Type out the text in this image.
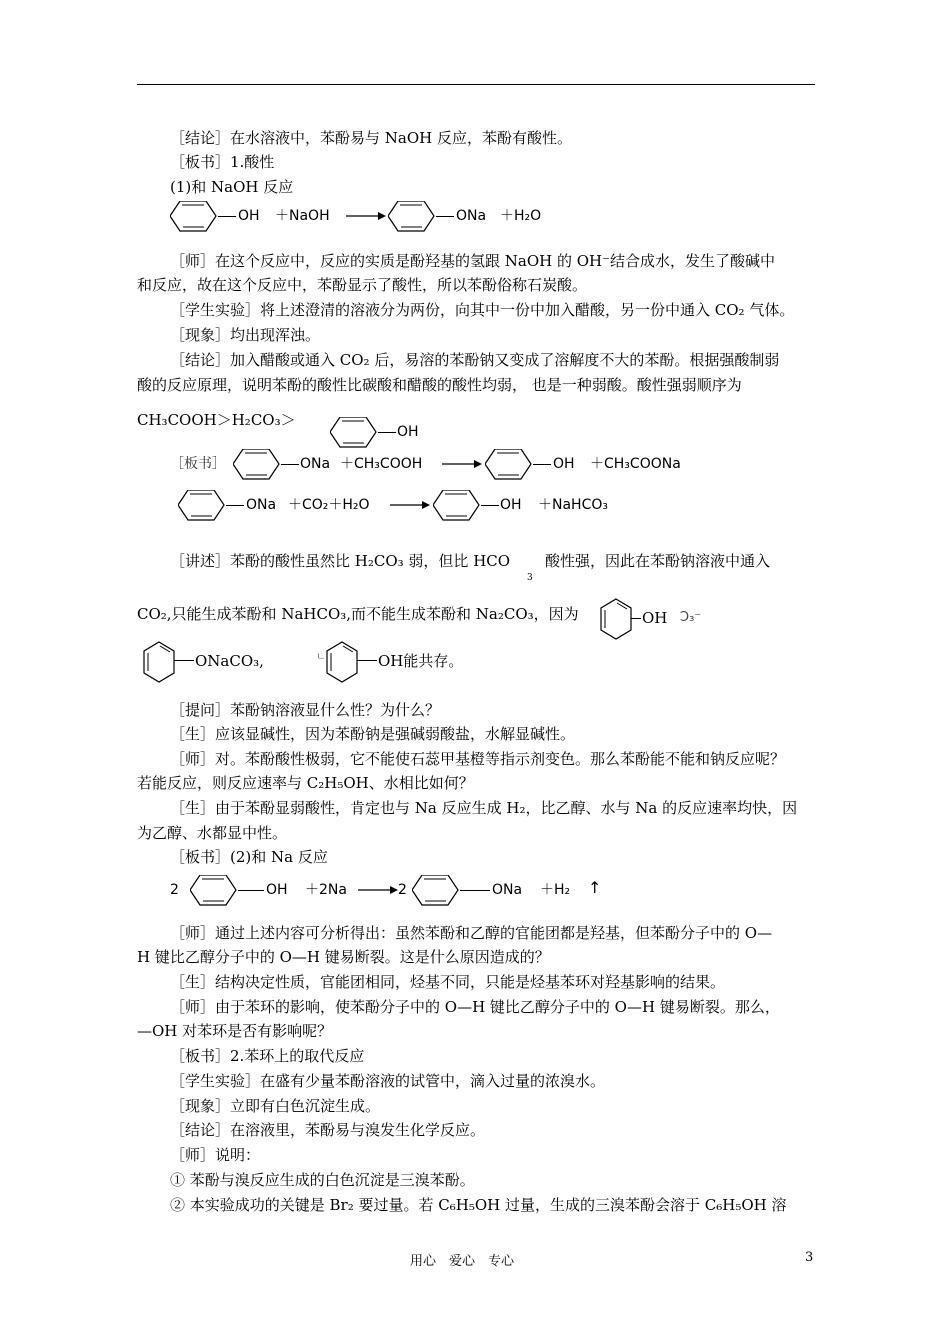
［结论］在水溶液中，苯酚易与 NaOH 反应，苯酚有酸性。
［板书］1.酸性
(1)和 NaOH 反应
OH ＋NaOH →	ONa ＋H₂O
［师］在这个反应中，反应的实质是酚羟基的氢跟 NaOH 的 OH⁻结合成水，发生了酸碱中
和反应，故在这个反应中，苯酚显示了酸性，所以苯酚俗称石炭酸。
［学生实验］将上述澄清的溶液分为两份，向其中一份中加入醋酸，另一份中通入 CO₂ 气体。
［现象］均出现浑浊。
［结论］加入醋酸或通入 CO₂ 后，易溶的苯酚钠又变成了溶解度不大的苯酚。根据强酸制弱
酸的反应原理，说明苯酚的酸性比碳酸和醋酸的酸性均弱， 也是一种弱酸。酸性强弱顺序为
CH₃COOH＞H₂CO₃＞
OH
［板书］	ONa ＋CH₃COOH →	OH ＋CH₃COONa
ONa ＋CO₂＋H₂O →	OH ＋NaHCO₃
［讲述］苯酚的酸性虽然比 H₂CO₃ 弱，但比 HCO
3
酸性强，因此在苯酚钠溶液中通入
CO₂,只能生成苯酚和 NaHCO₃,而不能生成苯酚和 Na₂CO₃，因为	OH Ɔ₃⁻
ONaCO₃,	ㄴ	OH能共存。
［提问］苯酚钠溶液显什么性？为什么？
［生］应该显碱性，因为苯酚钠是强碱弱酸盐，水解显碱性。
［师］对。苯酚酸性极弱，它不能使石蕊甲基橙等指示剂变色。那么苯酚能不能和钠反应呢？
若能反应，则反应速率与 C₂H₅OH、水相比如何？
［生］由于苯酚显弱酸性，肯定也与 Na 反应生成 H₂，比乙醇、水与 Na 的反应速率均快，因
为乙醇、水都显中性。
［板书］(2)和 Na 反应
2	OH ＋2Na → 2	ONa ＋H₂ ↑
［师］通过上述内容可分析得出：虽然苯酚和乙醇的官能团都是羟基，但苯酚分子中的 O—
H 键比乙醇分子中的 O—H 键易断裂。这是什么原因造成的？
［生］结构决定性质，官能团相同，烃基不同，只能是烃基苯环对羟基影响的结果。
［师］由于苯环的影响，使苯酚分子中的 O—H 键比乙醇分子中的 O—H 键易断裂。那么，
—OH 对苯环是否有影响呢？
［板书］2.苯环上的取代反应
［学生实验］在盛有少量苯酚溶液的试管中，滴入过量的浓溴水。
［现象］立即有白色沉淀生成。
［结论］在溶液里，苯酚易与溴发生化学反应。
［师］说明：
① 苯酚与溴反应生成的白色沉淀是三溴苯酚。
② 本实验成功的关键是 Br₂ 要过量。若 C₆H₅OH 过量，生成的三溴苯酚会溶于 C₆H₅OH 溶
用心　爱心　专心	3
